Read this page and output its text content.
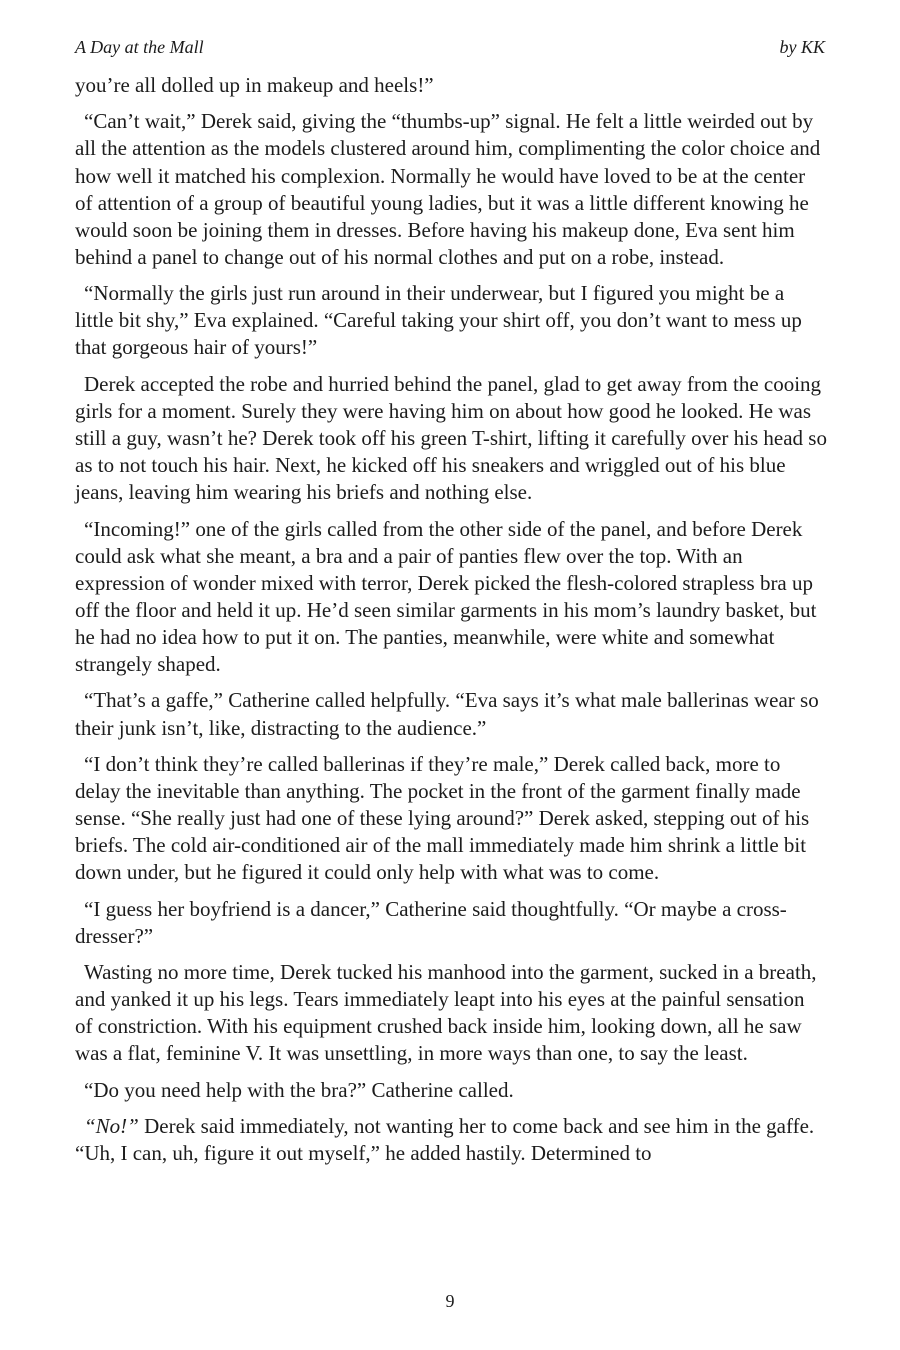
A Day at the Mall	by KK

you’re all dolled up in makeup and heels!”

“Can’t wait,” Derek said, giving the “thumbs-up” signal. He felt a little weirded out by all the attention as the models clustered around him, complimenting the color choice and how well it matched his complexion. Normally he would have loved to be at the center of attention of a group of beautiful young ladies, but it was a little different knowing he would soon be joining them in dresses. Before having his makeup done, Eva sent him behind a panel to change out of his normal clothes and put on a robe, instead.

“Normally the girls just run around in their underwear, but I figured you might be a little bit shy,” Eva explained. “Careful taking your shirt off, you don’t want to mess up that gorgeous hair of yours!”

Derek accepted the robe and hurried behind the panel, glad to get away from the cooing girls for a moment. Surely they were having him on about how good he looked. He was still a guy, wasn’t he? Derek took off his green T-shirt, lifting it carefully over his head so as to not touch his hair. Next, he kicked off his sneakers and wriggled out of his blue jeans, leaving him wearing his briefs and nothing else.

“Incoming!” one of the girls called from the other side of the panel, and before Derek could ask what she meant, a bra and a pair of panties flew over the top. With an expression of wonder mixed with terror, Derek picked the flesh-colored strapless bra up off the floor and held it up. He’d seen similar garments in his mom’s laundry basket, but he had no idea how to put it on. The panties, meanwhile, were white and somewhat strangely shaped.

“That’s a gaffe,” Catherine called helpfully. “Eva says it’s what male ballerinas wear so their junk isn’t, like, distracting to the audience.”

“I don’t think they’re called ballerinas if they’re male,” Derek called back, more to delay the inevitable than anything. The pocket in the front of the garment finally made sense. “She really just had one of these lying around?” Derek asked, stepping out of his briefs. The cold air-conditioned air of the mall immediately made him shrink a little bit down under, but he figured it could only help with what was to come.

“I guess her boyfriend is a dancer,” Catherine said thoughtfully. “Or maybe a cross-dresser?”

Wasting no more time, Derek tucked his manhood into the garment, sucked in a breath, and yanked it up his legs. Tears immediately leapt into his eyes at the painful sensation of constriction. With his equipment crushed back inside him, looking down, all he saw was a flat, feminine V. It was unsettling, in more ways than one, to say the least.

“Do you need help with the bra?” Catherine called.

“No!” Derek said immediately, not wanting her to come back and see him in the gaffe. “Uh, I can, uh, figure it out myself,” he added hastily. Determined to

9
